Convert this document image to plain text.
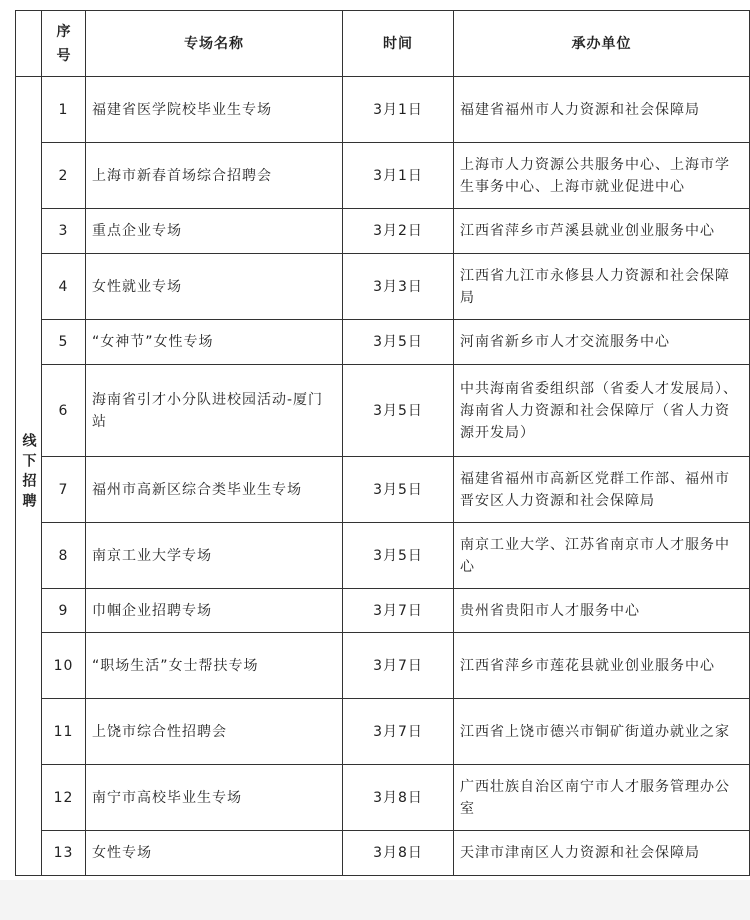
	序号	专场名称	时间	承办单位
线下招聘	1	福建省医学院校毕业生专场	3月1日	福建省福州市人力资源和社会保障局
	2	上海市新春首场综合招聘会	3月1日	上海市人力资源公共服务中心、上海市学生事务中心、上海市就业促进中心
	3	重点企业专场	3月2日	江西省萍乡市芦溪县就业创业服务中心
	4	女性就业专场	3月3日	江西省九江市永修县人力资源和社会保障局
	5	“女神节”女性专场	3月5日	河南省新乡市人才交流服务中心
	6	海南省引才小分队进校园活动-厦门站	3月5日	中共海南省委组织部（省委人才发展局）、海南省人力资源和社会保障厅（省人力资源开发局）
	7	福州市高新区综合类毕业生专场	3月5日	福建省福州市高新区党群工作部、福州市晋安区人力资源和社会保障局
	8	南京工业大学专场	3月5日	南京工业大学、江苏省南京市人才服务中心
	9	巾帼企业招聘专场	3月7日	贵州省贵阳市人才服务中心
	10	“职场生活”女士帮扶专场	3月7日	江西省萍乡市莲花县就业创业服务中心
	11	上饶市综合性招聘会	3月7日	江西省上饶市德兴市铜矿街道办就业之家
	12	南宁市高校毕业生专场	3月8日	广西壮族自治区南宁市人才服务管理办公室
	13	女性专场	3月8日	天津市津南区人力资源和社会保障局
